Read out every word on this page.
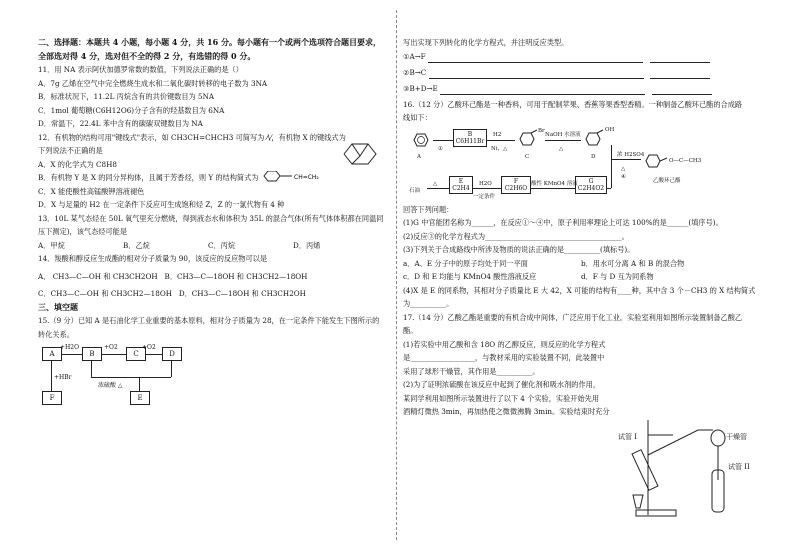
二、选择题：本题共 4 小题，每小题 4 分，共 16 分。每小题有一个或两个选项符合题目要求，
全部选对得 4 分，选对但不全的得 2 分，有选错的得 0 分。
11．用 NA 表示阿伏加德罗常数的数值，下列说法正确的是（）
A．7g 乙烯在空气中完全燃烧生成水和二氧化碳时转移的电子数为 3NA
B．标准状况下，11.2L 丙烷含有的共价键数目为 5NA
C．1mol 葡萄糖(C6H12O6)分子含有的羟基数目为 6NA
D．常温下，22.4L 苯中含有的碳碳双键数目为 NA
12．有机物的结构可用"键线式"表示，如 CH3CH=CHCH3 可简写为 ⁄\⁄，有机物 X 的键线式为
下列说法不正确的是
A．X 的化学式为 C8H8
B．有机物 Y 是 X 的同分异构体，且属于芳香烃，则 Y 的结构简式为	CH=CH₂
C．X 能使酸性高锰酸钾溶液褪色
D．X 与足量的 H2 在一定条件下反应可生成饱和烃 Z，Z 的一氯代物有 4 种
13．10L 某气态烃在 50L 氧气里充分燃烧，得到液态水和体积为 35L 的混合气体(所有气体体积都在同温同
压下测定)，该气态烃可能是
A．甲烷	B．乙烷	C．丙烷	D．丙烯
14．羧酸和醇反应生成酯的相对分子质量为 90，该反应的反应物可以是
A． CH3—C—OH 和 CH3CH2OH B．CH3—C—18OH 和 CH3CH2—18OH
C．CH3—C—OH 和 CH3CH2—18OH D．CH3—C—18OH 和 CH3CH2OH
三、填空题
15.（9 分）已知 A 是石油化学工业重要的基本原料，相对分子质量为 28，在一定条件下能发生下图所示的
转化关系。
A	B	C	D
F	E
+H2O	+O2	+O2
+HBr
浓硫酸 △
写出实现下列转化的化学方程式，并注明反应类型。
①A→F
②B→C
③B+D→E
16.（12 分）乙酸环己酯是一种香料，可用于配制苹果、香蕉等果香型香精。一种制备乙酸环己酯的合成路
线如下：
A
①
B
C6H11Br
H2
Ni，△
Br
C
NaOH 水溶液
△
OH
D	浓 H2SO4
△
④
O—C—CH3
乙酸环己酯
石油
△	E
C2H4
H2O
一定条件
F
C2H6O
酸性 KMnO4 溶液	G
C2H4O2
回答下列问题：
(1)G 中官能团名称为______，在反应①～④中，原子利用率理论上可达 100%的是______(填序号)。
(2)反应③的化学方程式为______________________________________。
(3)下列关于合成路线中所涉及物质的说法正确的是__________(填标号)。
a．A、E 分子中的原子均处于同一平面	b．用水可分离 A 和 B 的混合物
c．D 和 E 均能与 KMnO4 酸性溶液反应	d．F 与 D 互为同系物
(4)X 是 E 的同系物，其相对分子质量比 E 大 42，X 可能的结构有____种，其中含 3 个－CH3 的 X 结构简式
为__________。
17.（14 分）乙酸乙酯是重要的有机合成中间体，广泛应用于化工业。实验室利用如图所示装置制备乙酸乙
酯。
(1)若实验中用乙酸和含 18O 的乙醇反应，则反应的化学方程式
是__________________，与教材采用的实验装置不同，此装置中
采用了球形干燥管，其作用是__________。
(2)为了证明浓硫酸在该反应中起到了催化剂和吸水剂的作用，
某同学利用如图所示装置进行了以下 4 个实验，实验开始先用
酒精灯微热 3min，再加热使之微微沸腾 3min。实验结束时充分
试管 I	干燥管
试管 II
